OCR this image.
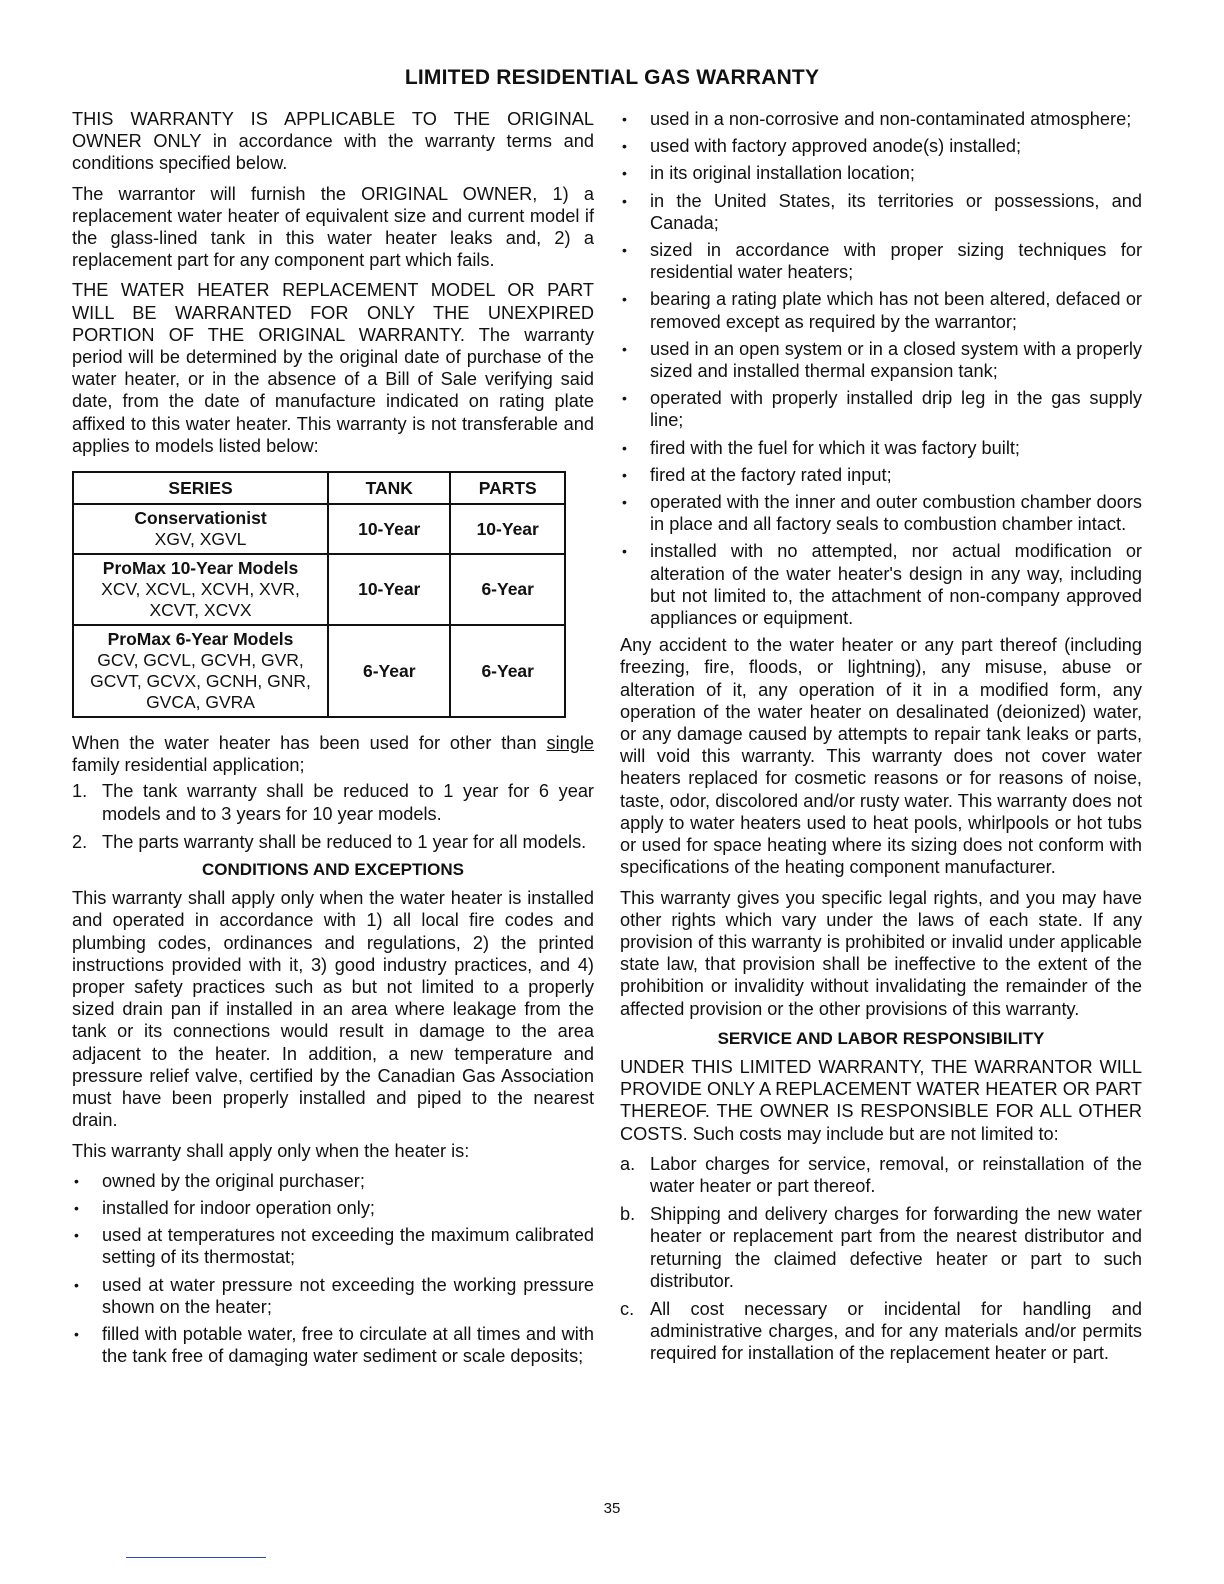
LIMITED RESIDENTIAL GAS WARRANTY

THIS WARRANTY IS APPLICABLE TO THE ORIGINAL OWNER ONLY in accordance with the warranty terms and conditions specified below.

The warrantor will furnish the ORIGINAL OWNER, 1) a replacement water heater of equivalent size and current model if the glass-lined tank in this water heater leaks and, 2) a replacement part for any component part which fails.

THE WATER HEATER REPLACEMENT MODEL OR PART WILL BE WARRANTED FOR ONLY THE UNEXPIRED PORTION OF THE ORIGINAL WARRANTY. The warranty period will be determined by the original date of purchase of the water heater, or in the absence of a Bill of Sale verifying said date, from the date of manufacture indicated on rating plate affixed to this water heater. This warranty is not transferable and applies to models listed below:

SERIES	TANK	PARTS

Conservationist
XGV, XGVL	10-Year	10-Year

ProMax 10-Year Models
XCV, XCVL, XCVH, XVR, XCVT, XCVX	10-Year	6-Year

ProMax 6-Year Models
GCV, GCVL, GCVH, GVR, GCVT, GCVX, GCNH, GNR, GVCA, GVRA	6-Year	6-Year

When the water heater has been used for other than single family residential application;

1. The tank warranty shall be reduced to 1 year for 6 year models and to 3 years for 10 year models.
2. The parts warranty shall be reduced to 1 year for all models.
CONDITIONS AND EXCEPTIONS

This warranty shall apply only when the water heater is installed and operated in accordance with 1) all local fire codes and plumbing codes, ordinances and regulations, 2) the printed instructions provided with it, 3) good industry practices, and 4) proper safety practices such as but not limited to a properly sized drain pan if installed in an area where leakage from the tank or its connections would result in damage to the area adjacent to the heater. In addition, a new temperature and pressure relief valve, certified by the Canadian Gas Association must have been properly installed and piped to the nearest drain.

This warranty shall apply only when the heater is:

• owned by the original purchaser;
• installed for indoor operation only;
• used at temperatures not exceeding the maximum calibrated setting of its thermostat;
• used at water pressure not exceeding the working pressure shown on the heater;
• filled with potable water, free to circulate at all times and with the tank free of damaging water sediment or scale deposits;
• used in a non-corrosive and non-contaminated atmosphere;
• used with factory approved anode(s) installed;
• in its original installation location;
• in the United States, its territories or possessions, and Canada;
• sized in accordance with proper sizing techniques for residential water heaters;
• bearing a rating plate which has not been altered, defaced or removed except as required by the warrantor;
• used in an open system or in a closed system with a properly sized and installed thermal expansion tank;
• operated with properly installed drip leg in the gas supply line;
• fired with the fuel for which it was factory built;
• fired at the factory rated input;
• operated with the inner and outer combustion chamber doors in place and all factory seals to combustion chamber intact.
• installed with no attempted, nor actual modification or alteration of the water heater's design in any way, including but not limited to, the attachment of non-company approved appliances or equipment.

Any accident to the water heater or any part thereof (including freezing, fire, floods, or lightning), any misuse, abuse or alteration of it, any operation of it in a modified form, any operation of the water heater on desalinated (deionized) water, or any damage caused by attempts to repair tank leaks or parts, will void this warranty. This warranty does not cover water heaters replaced for cosmetic reasons or for reasons of noise, taste, odor, discolored and/or rusty water. This warranty does not apply to water heaters used to heat pools, whirlpools or hot tubs or used for space heating where its sizing does not conform with specifications of the heating component manufacturer.

This warranty gives you specific legal rights, and you may have other rights which vary under the laws of each state. If any provision of this warranty is prohibited or invalid under applicable state law, that provision shall be ineffective to the extent of the prohibition or invalidity without invalidating the remainder of the affected provision or the other provisions of this warranty.

SERVICE AND LABOR RESPONSIBILITY

UNDER THIS LIMITED WARRANTY, THE WARRANTOR WILL PROVIDE ONLY A REPLACEMENT WATER HEATER OR PART THEREOF. THE OWNER IS RESPONSIBLE FOR ALL OTHER COSTS. Such costs may include but are not limited to:

a. Labor charges for service, removal, or reinstallation of the water heater or part thereof.
b. Shipping and delivery charges for forwarding the new water heater or replacement part from the nearest distributor and returning the claimed defective heater or part to such distributor.
c. All cost necessary or incidental for handling and administrative charges, and for any materials and/or permits required for installation of the replacement heater or part.
35
